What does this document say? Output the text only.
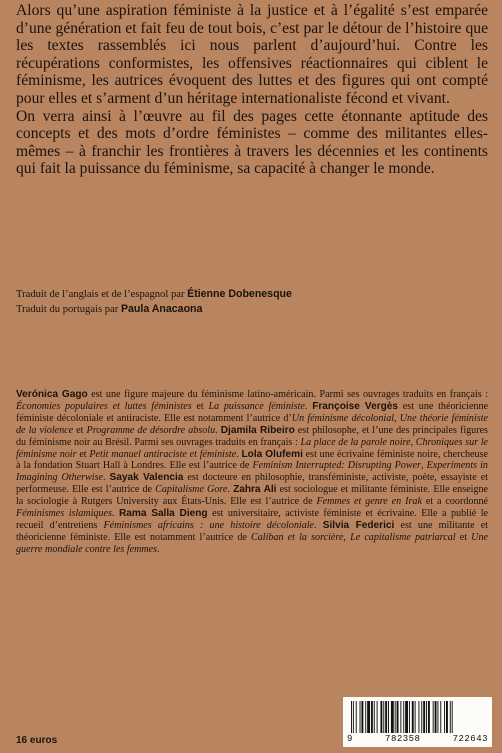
Alors qu’une aspiration féministe à la justice et à l’égalité s’est emparée d’une génération et fait feu de tout bois, c’est par le détour de l’histoire que les textes rassemblés ici nous parlent d’aujourd’hui. Contre les récupérations conformistes, les offensives réactionnaires qui ciblent le féminisme, les autrices évoquent des luttes et des figures qui ont compté pour elles et s’arment d’un héritage internationaliste fécond et vivant.

On verra ainsi à l’œuvre au fil des pages cette étonnante aptitude des concepts et des mots d’ordre féministes – comme des militantes elles-mêmes – à franchir les frontières à travers les décennies et les continents qui fait la puissance du féminisme, sa capacité à changer le monde.

Traduit de l’anglais et de l’espagnol par Étienne Dobenesque

Traduit du portugais par Paula Anacaona

Verónica Gago est une figure majeure du féminisme latino-américain. Parmi ses ouvrages traduits en français : Économies populaires et luttes féministes et La puissance féministe. Françoise Vergès est une théoricienne féministe décoloniale et antiraciste. Elle est notamment l’autrice d’Un féminisme décolonial, Une théorie féministe de la violence et Programme de désordre absolu. Djamila Ribeiro est philosophe, et l’une des principales figures du féminisme noir au Brésil. Parmi ses ouvrages traduits en français : La place de la parole noire, Chroniques sur le féminisme noir et Petit manuel antiraciste et féministe. Lola Olufemi est une écrivaine féministe noire, chercheuse à la fondation Stuart Hall à Londres. Elle est l’autrice de Feminism Interrupted: Disrupting Power, Experiments in Imagining Otherwise. Sayak Valencia est docteure en philosophie, transféministe, activiste, poète, essayiste et performeuse. Elle est l’autrice de Capitalisme Gore. Zahra Ali est sociologue et militante féministe. Elle enseigne la sociologie à Rutgers University aux États-Unis. Elle est l’autrice de Femmes et genre en Irak et a coordonné Féminismes islamiques. Rama Salla Dieng est universitaire, activiste féministe et écrivaine. Elle a publié le recueil d’entretiens Féminismes africains : une histoire décoloniale. Silvia Federici est une militante et théoricienne féministe. Elle est notamment l’autrice de Caliban et la sorcière, Le capitalisme patriarcal et Une guerre mondiale contre les femmes.

16 euros	9	782358	722643
